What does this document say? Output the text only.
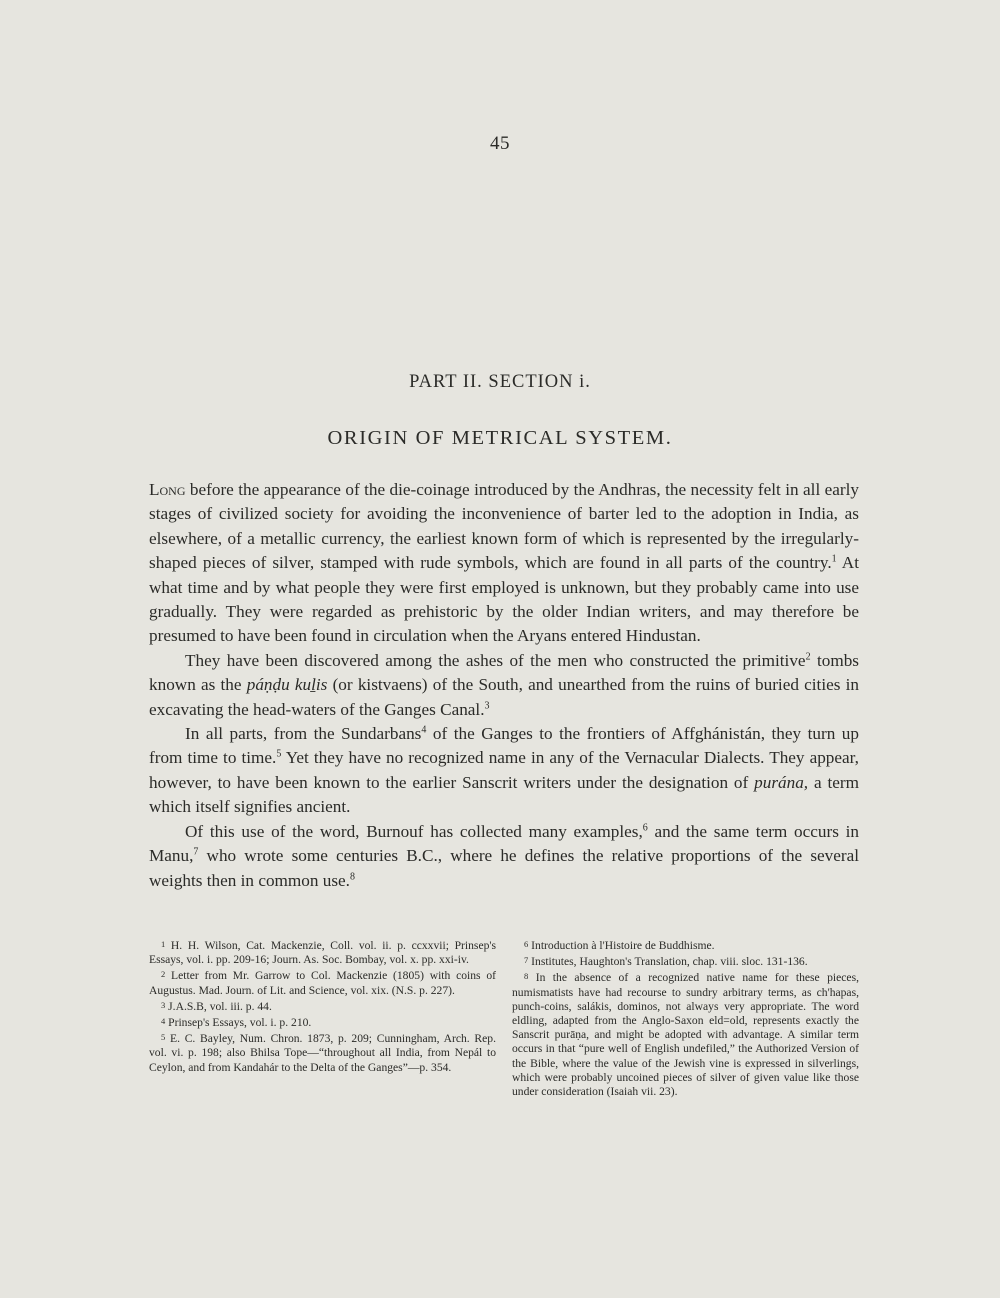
45
PART II. SECTION i.
ORIGIN OF METRICAL SYSTEM.

Long before the appearance of the die-coinage introduced by the Andhras, the necessity felt in all early stages of civilized society for avoiding the inconvenience of barter led to the adoption in India, as elsewhere, of a metallic currency, the earliest known form of which is represented by the irregularly-shaped pieces of silver, stamped with rude symbols, which are found in all parts of the country.$^1$ At what time and by what people they were first employed is unknown, but they probably came into use gradually. They were regarded as prehistoric by the older Indian writers, and may therefore be presumed to have been found in circulation when the Aryans entered Hindustan.

They have been discovered among the ashes of the men who constructed the primitive$^2$ tombs known as the páṇḍu kuḻis (or kistvaens) of the South, and unearthed from the ruins of buried cities in excavating the head-waters of the Ganges Canal.$^3$

In all parts, from the Sundarbans$^4$ of the Ganges to the frontiers of Affghánistán, they turn up from time to time.$^5$ Yet they have no recognized name in any of the Vernacular Dialects. They appear, however, to have been known to the earlier Sanscrit writers under the designation of purána, a term which itself signifies ancient.

Of this use of the word, Burnouf has collected many examples,$^6$ and the same term occurs in Manu,$^7$ who wrote some centuries B.C., where he defines the relative proportions of the several weights then in common use.$^8$

1 H. H. Wilson, Cat. Mackenzie, Coll. vol. ii. p. ccxxvii; Prinsep's Essays, vol. i. pp. 209-16; Journ. As. Soc. Bombay, vol. x. pp. xxi-iv.

2 Letter from Mr. Garrow to Col. Mackenzie (1805) with coins of Augustus. Mad. Journ. of Lit. and Science, vol. xix. (N.S. p. 227).

3 J.A.S.B, vol. iii. p. 44.

4 Prinsep's Essays, vol. i. p. 210.

5 E. C. Bayley, Num. Chron. 1873, p. 209; Cunningham, Arch. Rep. vol. vi. p. 198; also Bhilsa Tope—“throughout all India, from Nepál to Ceylon, and from Kandahár to the Delta of the Ganges”—p. 354.

6 Introduction à l'Histoire de Buddhisme.

7 Institutes, Haughton's Translation, chap. viii. sloc. 131-136.

8 In the absence of a recognized native name for these pieces, numismatists have had recourse to sundry arbitrary terms, as ch'hapas, punch-coins, salákis, dominos, not always very appropriate. The word eldling, adapted from the Anglo-Saxon eld=old, represents exactly the Sanscrit purāṇa, and might be adopted with advantage. A similar term occurs in that “pure well of English undefiled,” the Authorized Version of the Bible, where the value of the Jewish vine is expressed in silverlings, which were probably uncoined pieces of silver of given value like those under consideration (Isaiah vii. 23).
